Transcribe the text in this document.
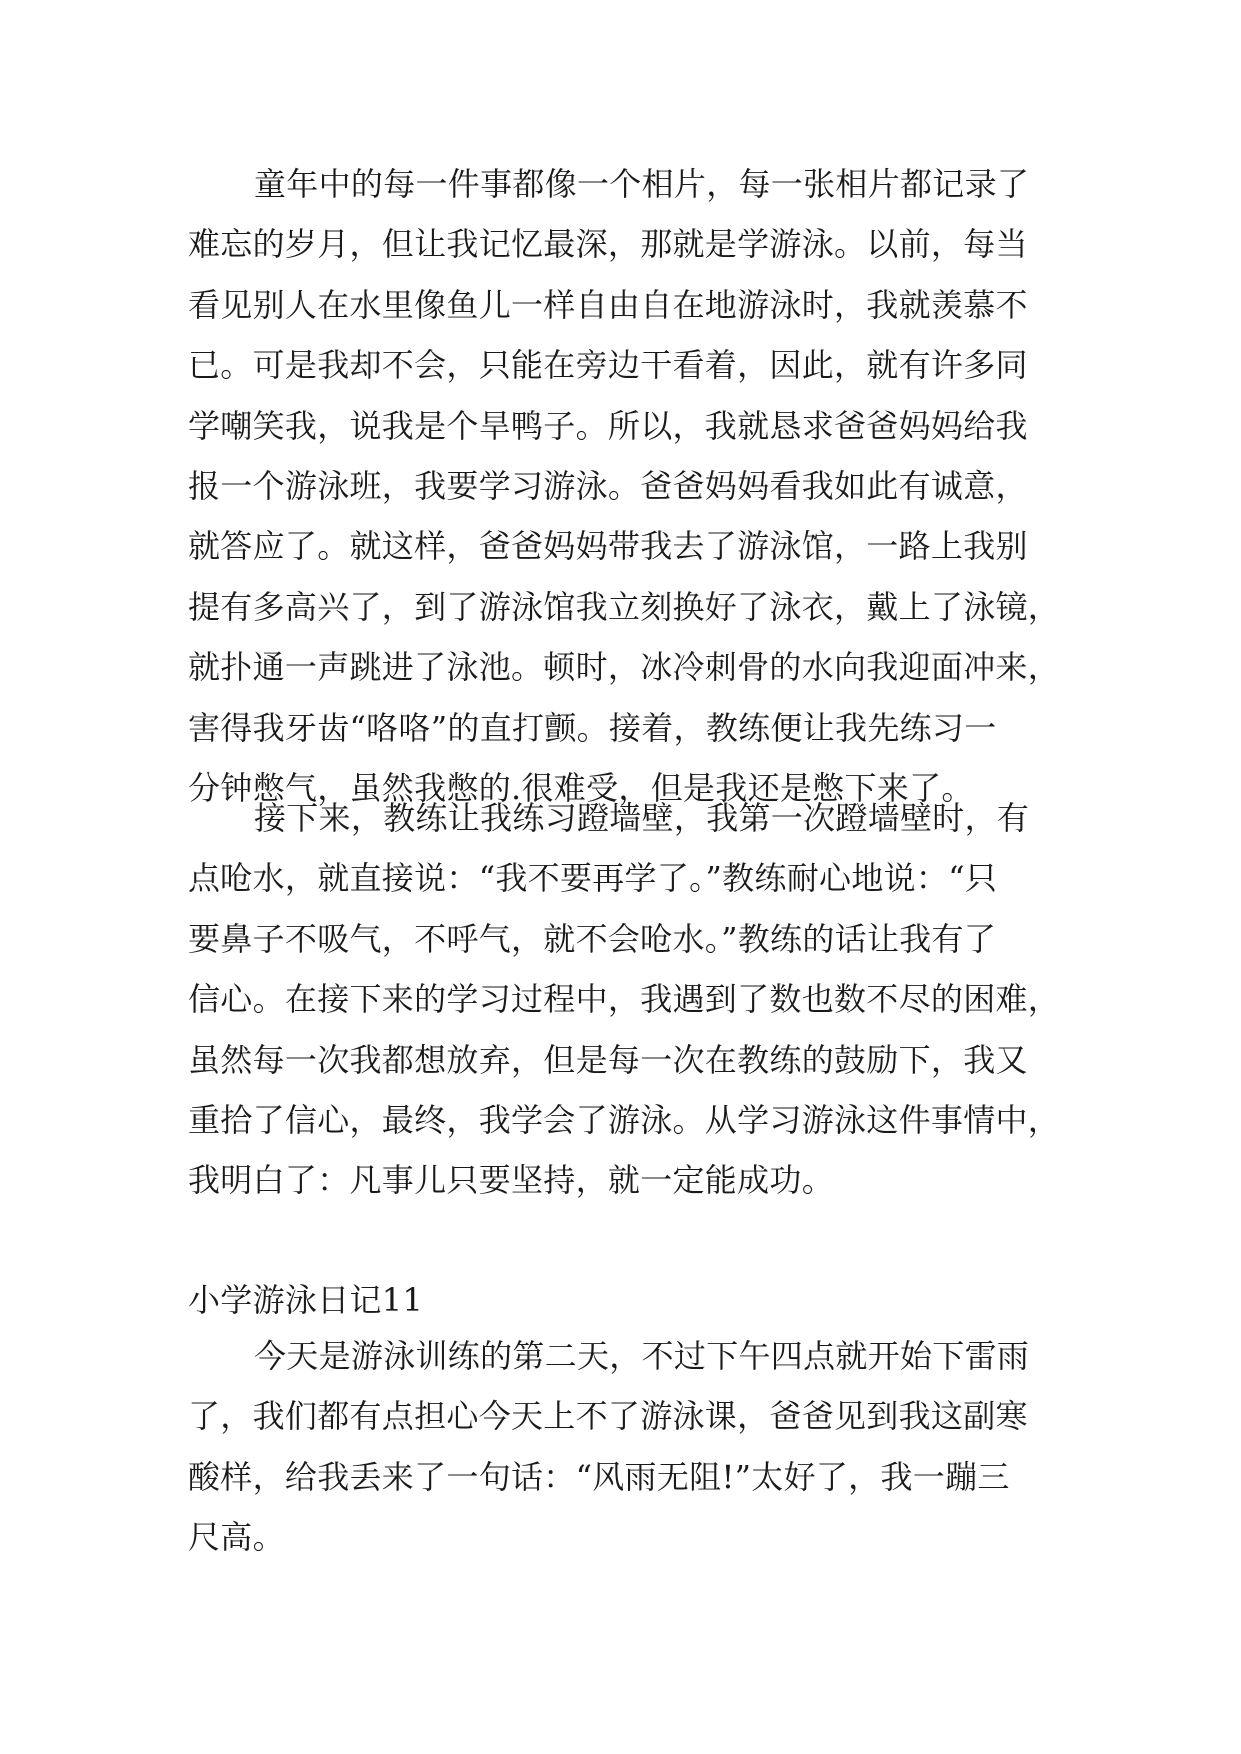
童年中的每一件事都像一个相片，每一张相片都记录了
难忘的岁月，但让我记忆最深，那就是学游泳。以前，每当
看见别人在水里像鱼儿一样自由自在地游泳时，我就羡慕不
已。可是我却不会，只能在旁边干看着，因此，就有许多同
学嘲笑我，说我是个旱鸭子。所以，我就恳求爸爸妈妈给我
报一个游泳班，我要学习游泳。爸爸妈妈看我如此有诚意，
就答应了。就这样，爸爸妈妈带我去了游泳馆，一路上我别
提有多高兴了，到了游泳馆我立刻换好了泳衣，戴上了泳镜，
就扑通一声跳进了泳池。顿时，冰冷刺骨的水向我迎面冲来，
害得我牙齿“咯咯”的直打颤。接着，教练便让我先练习一
分钟憋气，虽然我憋的.很难受，但是我还是憋下来了。
接下来，教练让我练习蹬墙壁，我第一次蹬墙壁时，有
点呛水，就直接说：“我不要再学了。”教练耐心地说：“只
要鼻子不吸气，不呼气，就不会呛水。”教练的话让我有了
信心。在接下来的学习过程中，我遇到了数也数不尽的困难，
虽然每一次我都想放弃，但是每一次在教练的鼓励下，我又
重拾了信心，最终，我学会了游泳。从学习游泳这件事情中，
我明白了：凡事儿只要坚持，就一定能成功。
小学游泳日记11
今天是游泳训练的第二天，不过下午四点就开始下雷雨
了，我们都有点担心今天上不了游泳课，爸爸见到我这副寒
酸样，给我丢来了一句话：“风雨无阻!”太好了，我一蹦三
尺高。
